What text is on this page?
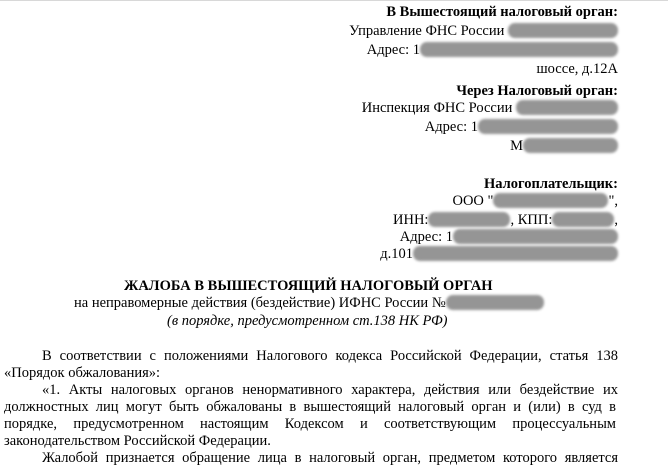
В Вышестоящий налоговый орган:
Управление ФНС России
Адрес: 1
шоссе, д.12А
Через Налоговый орган:
Инспекция ФНС России
Адрес: 1
М
Налогоплательщик:
ООО "	",
ИНН:	, КПП:	,
Адрес: 1
д.101
ЖАЛОБА В ВЫШЕСТОЯЩИЙ НАЛОГОВЫЙ ОРГАН
на неправомерные действия (бездействие) ИФНС России №
(в порядке, предусмотренном ст.138 НК РФ)
В соответствии с положениями Налогового кодекса Российской Федерации, статья 138
«Порядок обжалования»:
«1. Акты налоговых органов ненормативного характера, действия или бездействие их
должностных лиц могут быть обжалованы в вышестоящий налоговый орган и (или) в суд в
порядке, предусмотренном настоящим Кодексом и соответствующим процессуальным
законодательством Российской Федерации.
Жалобой признается обращение лица в налоговый орган, предметом которого является
